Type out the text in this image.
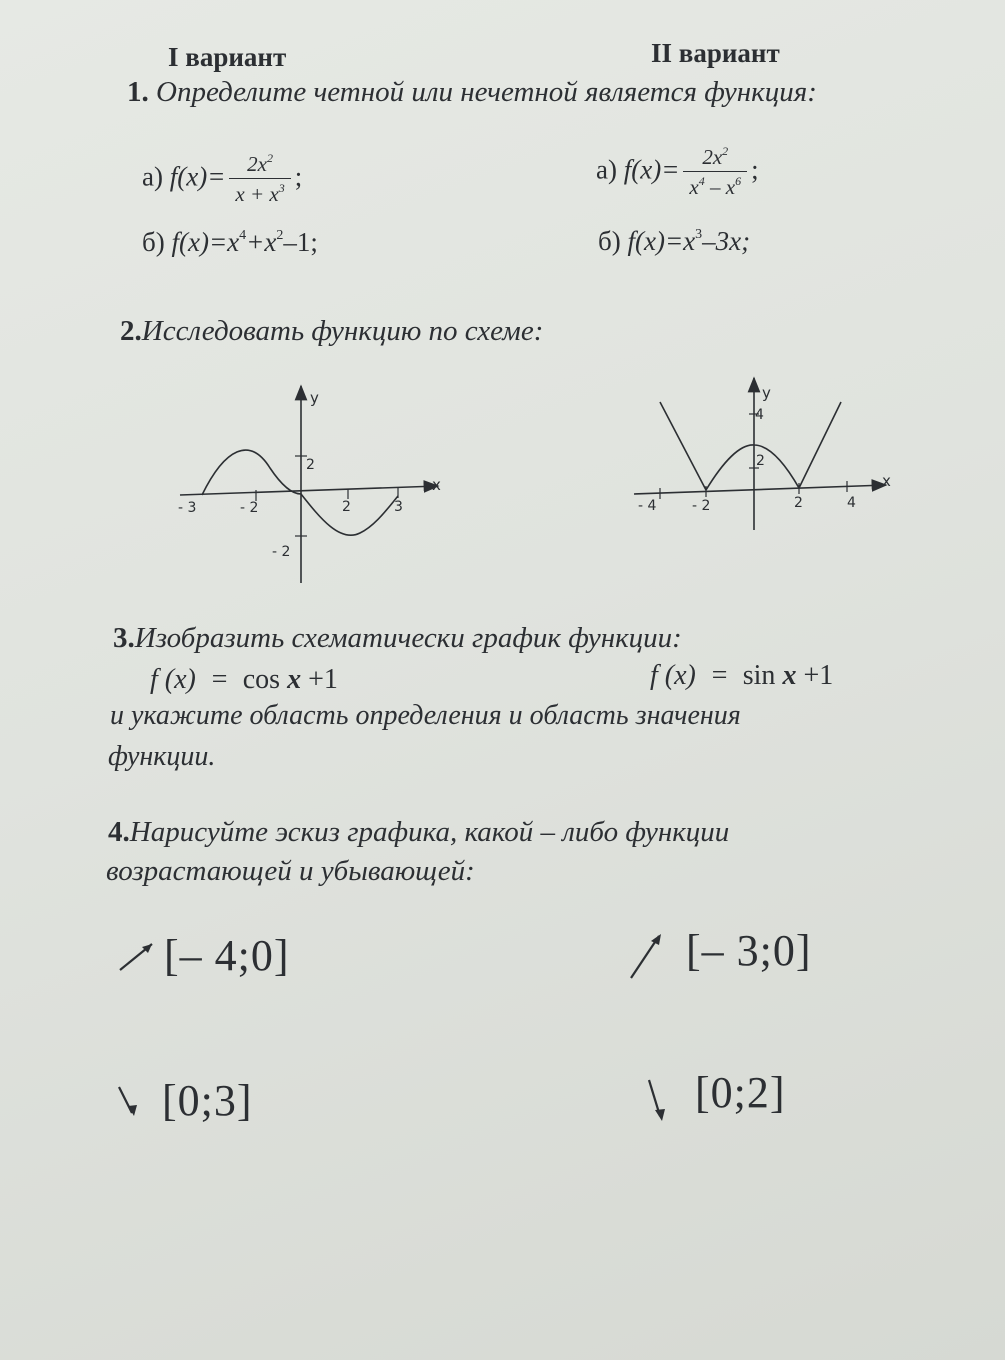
I вариант	II вариант
1. Определите четной или нечетной является функция:
а) $f(x)= \frac{2x^2}{x + x^3}$ ;
б) $f(x)=x^4+x^2-1$;
а) $f(x)= \frac{2x^2}{x^4 - x^6}$ ;
б) $f(x)=x^3-3x$;
2.Исследовать функцию по схеме:
y
x
- 3	- 2	2	3
2
- 2
y
x
- 4	- 2	2	4
4
2
3.Изобразить схематически график функции:
f (x)  = cos x +1	f (x)  = sin x +1
и укажите область определения и область значения
функции.
4.Нарисуйте эскиз графика, какой – либо функции
возрастающей и убывающей:
[– 4;0]
[0;3]
[– 3;0]
[0;2]
